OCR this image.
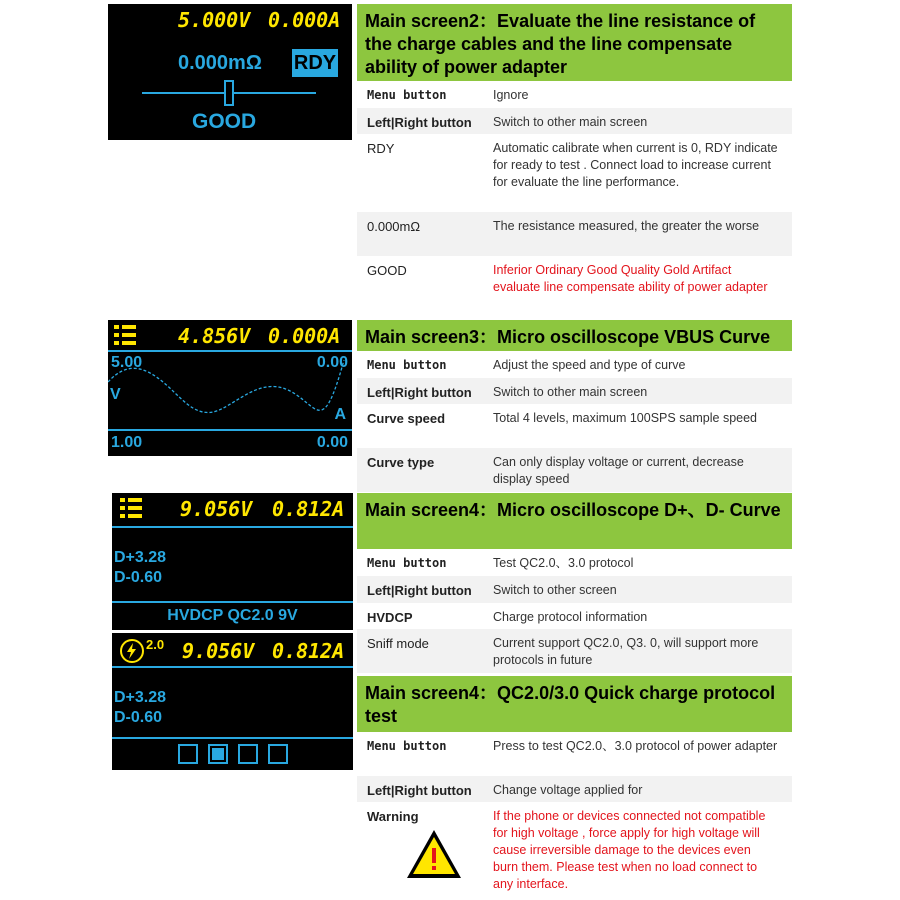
5.000V 0.000A
0.000mΩ RDY
GOOD
4.856V 0.000A
5.00	0.00
V
A
1.00	0.00
9.056V 0.812A
D+3.28
D-0.60
HVDCP QC2.0 9V
2.0 9.056V 0.812A
D+3.28
D-0.60
Main screen2：Evaluate the line resistance of the charge cables and the line compensate ability of power adapter
Menu button	Ignore
Left|Right button	Switch to other main screen
RDY	Automatic calibrate when current is 0, RDY indicate for ready to test . Connect load to increase current for evaluate the line performance.
0.000mΩ	The resistance measured, the greater the worse
GOOD	Inferior Ordinary Good Quality Gold Artifact evaluate line compensate ability of power adapter
Main screen3：Micro oscilloscope VBUS Curve
Menu button	Adjust the speed and type of curve
Left|Right button	Switch to other main screen
Curve speed	Total 4 levels, maximum 100SPS sample speed
Curve type	Can only display voltage or current, decrease display speed
Main screen4：Micro oscilloscope D+、D- Curve
Menu button	Test QC2.0、3.0 protocol
Left|Right button	Switch to other screen
HVDCP	Charge protocol information
Sniff mode	Current support QC2.0, Q3. 0, will support more protocols in future
Main screen4：QC2.0/3.0 Quick charge protocol test
Menu button	Press to test QC2.0、3.0 protocol of power adapter
Left|Right button	Change voltage applied for
Warning	If the phone or devices connected not compatible for high voltage , force apply for high voltage will cause irreversible damage to the devices even burn them. Please test when no load connect to any interface.
